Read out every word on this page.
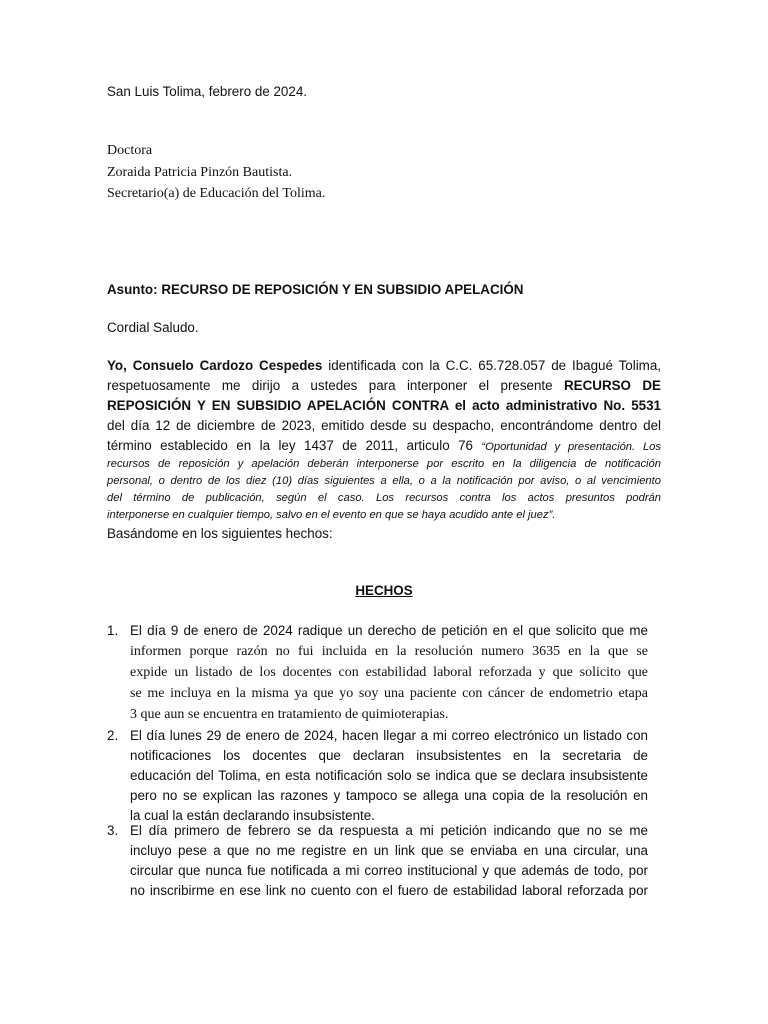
San Luis Tolima, febrero de 2024.
Doctora
Zoraida Patricia Pinzón Bautista.
Secretario(a) de Educación del Tolima.
Asunto: RECURSO DE REPOSICIÓN Y EN SUBSIDIO APELACIÓN
Cordial Saludo.
Yo, Consuelo Cardozo Cespedes identificada con la C.C. 65.728.057 de Ibagué Tolima,
respetuosamente me dirijo a ustedes para interponer el presente RECURSO DE
REPOSICIÓN Y EN SUBSIDIO APELACIÓN CONTRA el acto administrativo No. 5531
del día 12 de diciembre de 2023, emitido desde su despacho, encontrándome dentro del
término establecido en la ley 1437 de 2011, articulo 76 “Oportunidad y presentación. Los
recursos de reposición y apelación deberán interponerse por escrito en la diligencia de notificación
personal, o dentro de los diez (10) días siguientes a ella, o a la notificación por aviso, o al vencimiento
del término de publicación, según el caso. Los recursos contra los actos presuntos podrán
interponerse en cualquier tiempo, salvo en el evento en que se haya acudido ante el juez”.
Basándome en los siguientes hechos:
HECHOS
1. El día 9 de enero de 2024 radique un derecho de petición en el que solicito que me
informen porque razón no fui incluida en la resolución numero 3635 en la que se
expide un listado de los docentes con estabilidad laboral reforzada y que solicito que
se me incluya en la misma ya que yo soy una paciente con cáncer de endometrio etapa
3 que aun se encuentra en tratamiento de quimioterapias.
2. El día lunes 29 de enero de 2024, hacen llegar a mi correo electrónico un listado con
notificaciones los docentes que declaran insubsistentes en la secretaria de
educación del Tolima, en esta notificación solo se indica que se declara insubsistente
pero no se explican las razones y tampoco se allega una copia de la resolución en
la cual la están declarando insubsistente.
3. El día primero de febrero se da respuesta a mi petición indicando que no se me
incluyo pese a que no me registre en un link que se enviaba en una circular, una
circular que nunca fue notificada a mi correo institucional y que además de todo, por
no inscribirme en ese link no cuento con el fuero de estabilidad laboral reforzada por
